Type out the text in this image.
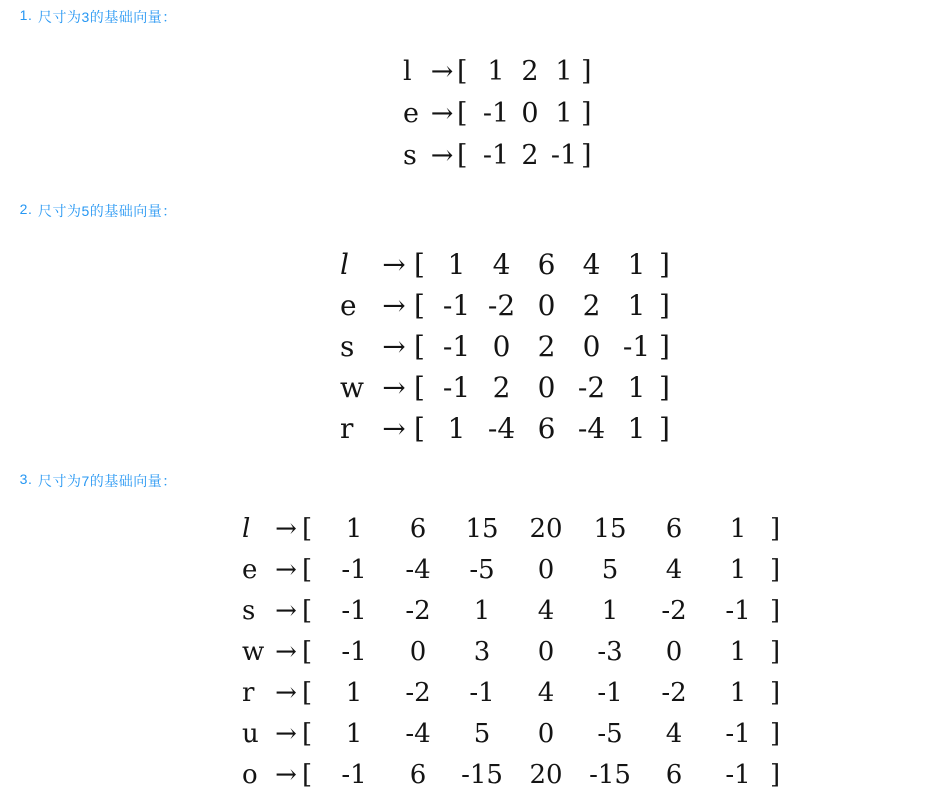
1. 尺寸为3的基础向量：
l → [ 1 2 1 ]
e → [ -1 0 1 ]
s → [ -1 2 -1 ]
2. 尺寸为5的基础向量：
l	→ [ 1 4 6 4 1 ]
e → [ -1 -2 0 2 1 ]
s → [ -1 0 2 0 -1 ]
w → [ -1 2 0 -2 1 ]
r	→ [ 1 -4 6 -4 1 ]
3. 尺寸为7的基础向量：
l → [	1	6	15	20	15	6	1 ]
e → [	-1	-4	-5	0	5	4	1 ]
s → [	-1	-2	1	4	1	-2	-1 ]
w → [	-1	0	3	0	-3	0	1 ]
r → [	1	-2	-1	4	-1	-2	1 ]
u → [	1	-4	5	0	-5	4	-1 ]
o → [	-1	6	-15	20	-15	6	-1 ]
